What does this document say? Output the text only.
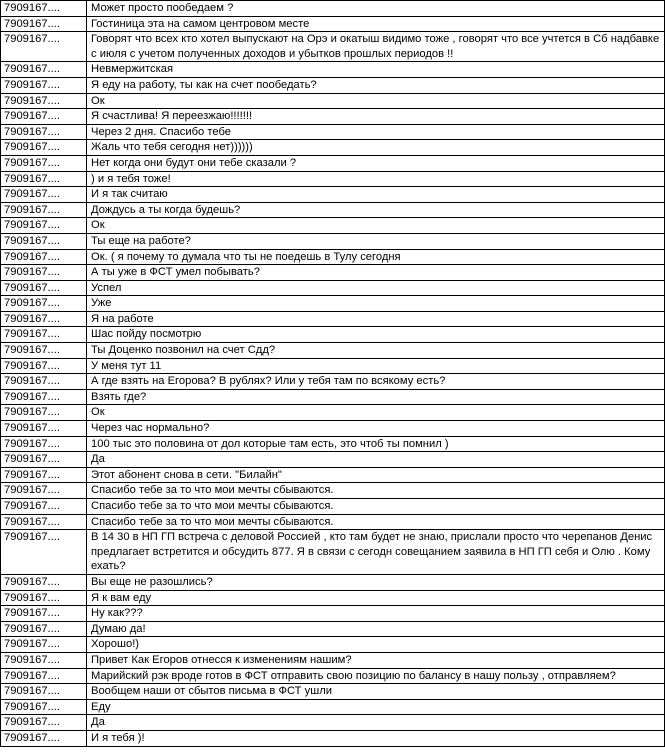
7909167....	Может просто пообедаем ?
7909167....	Гостиница эта на самом центровом месте
7909167....	Говорят что всех кто хотел выпускают на Орэ и окатыш видимо тоже , говорят что все учтется в Сб надбавке с июля с учетом полученных доходов и убытков прошлых периодов !!
7909167....	Невмержитская
7909167....	Я еду на работу, ты как на счет пообедать?
7909167....	Ок
7909167....	Я счастлива! Я переезжаю!!!!!!!
7909167....	Через 2 дня. Спасибо тебе
7909167....	Жаль что тебя сегодня нет))))))
7909167....	Нет когда они будут они тебе сказали ?
7909167....	) и я тебя тоже!
7909167....	И я так считаю
7909167....	Дождусь а ты когда будешь?
7909167....	Ок
7909167....	Ты еще на работе?
7909167....	Ок. ( я почему то думала что ты не поедешь в Тулу сегодня
7909167....	А ты уже в ФСТ умел побывать?
7909167....	Успел
7909167....	Уже
7909167....	Я на работе
7909167....	Шас пойду посмотрю
7909167....	Ты Доценко позвонил на счет Сдд?
7909167....	У меня тут 11
7909167....	А где взять на Егорова? В рублях? Или у тебя там по всякому есть?
7909167....	Взять где?
7909167....	Ок
7909167....	Через час нормально?
7909167....	100 тыс это половина от дол которые там есть, это чтоб ты помнил )
7909167....	Да
7909167....	Этот абонент снова в сети. "Билайн"
7909167....	Спасибо тебе за то что мои мечты сбываются.
7909167....	Спасибо тебе за то что мои мечты сбываются.
7909167....	Спасибо тебе за то что мои мечты сбываются.
7909167....	В 14 30 в НП ГП встреча с деловой Россией , кто там будет не знаю, прислали просто что черепанов Денис предлагает встретится и обсудить 877. Я в связи с сегодн совещанием заявила в НП ГП себя и Олю . Кому ехать?
7909167....	Вы еще не разошлись?
7909167....	Я к вам еду
7909167....	Ну как???
7909167....	Думаю да!
7909167....	Хорошо!)
7909167....	Привет Как Егоров отнесся к изменениям нашим?
7909167....	Марийский рэк вроде готов в ФСТ отправить свою позицию по балансу в нашу пользу , отправляем?
7909167....	Вообщем наши от сбытов письма в ФСТ ушли
7909167....	Еду
7909167....	Да
7909167....	И я тебя )!
